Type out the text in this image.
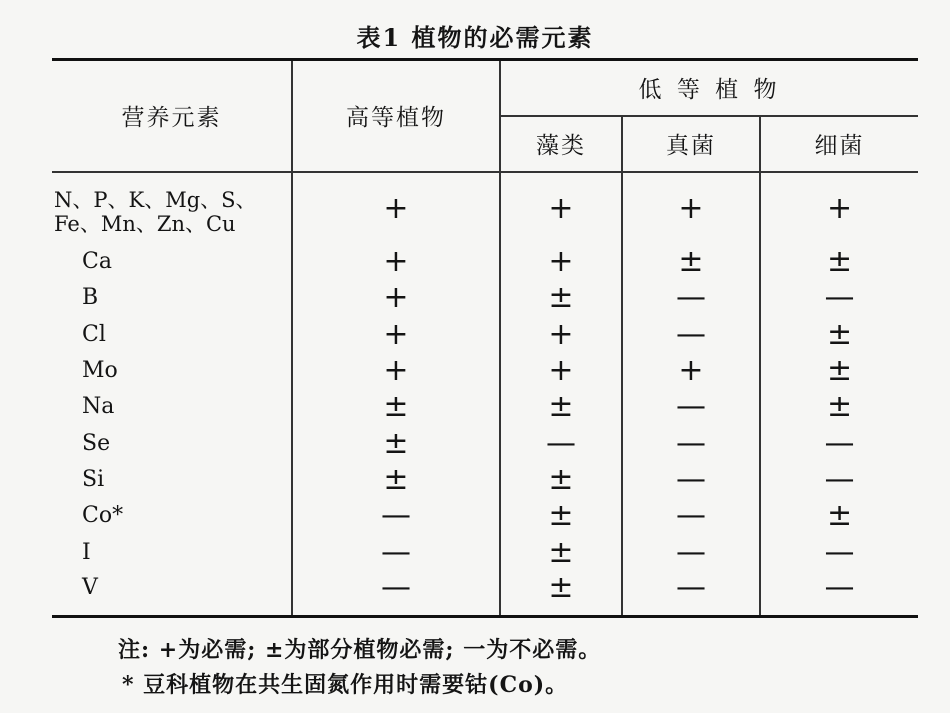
表1 植物的必需元素
营养元素	高等植物	低 等 植 物		
		藻类	真菌	细菌
N、P、K、Mg、S、
Fe、Mn、Zn、Cu	+	+	+	+
Ca	+	+	±	±
B	+	±	—	—
Cl	+	+	—	±
Mo	+	+	+	±
Na	±	±	—	±
Se	±	—	—	—
Si	±	±	—	—
Co*	—	±	—	±
I	—	±	—	—
V	—	±	—	—
注: +为必需; ±为部分植物必需; 一为不必需。
* 豆科植物在共生固氮作用时需要钴(Co)。
